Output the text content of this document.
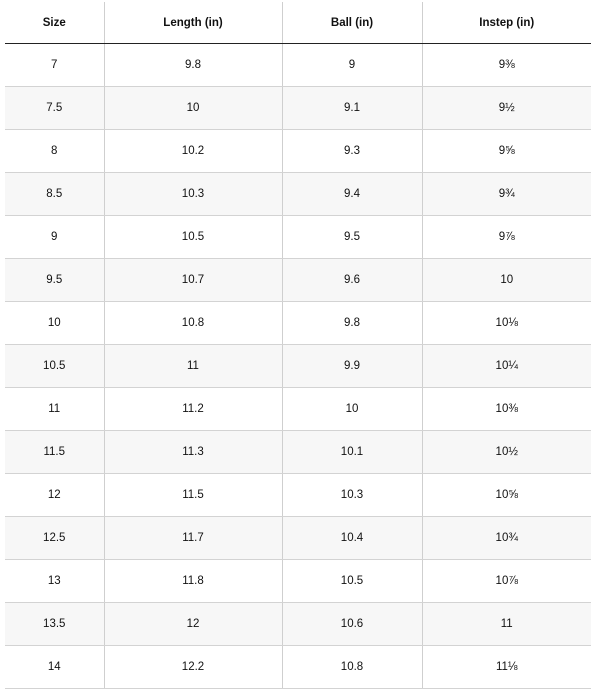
Size	Length (in)	Ball (in)	Instep (in)
7	9.8	9	9⅜
7.5	10	9.1	9½
8	10.2	9.3	9⅝
8.5	10.3	9.4	9¾
9	10.5	9.5	9⅞
9.5	10.7	9.6	10
10	10.8	9.8	10⅛
10.5	11	9.9	10¼
11	11.2	10	10⅜
11.5	11.3	10.1	10½
12	11.5	10.3	10⅝
12.5	11.7	10.4	10¾
13	11.8	10.5	10⅞
13.5	12	10.6	11
14	12.2	10.8	11⅛
